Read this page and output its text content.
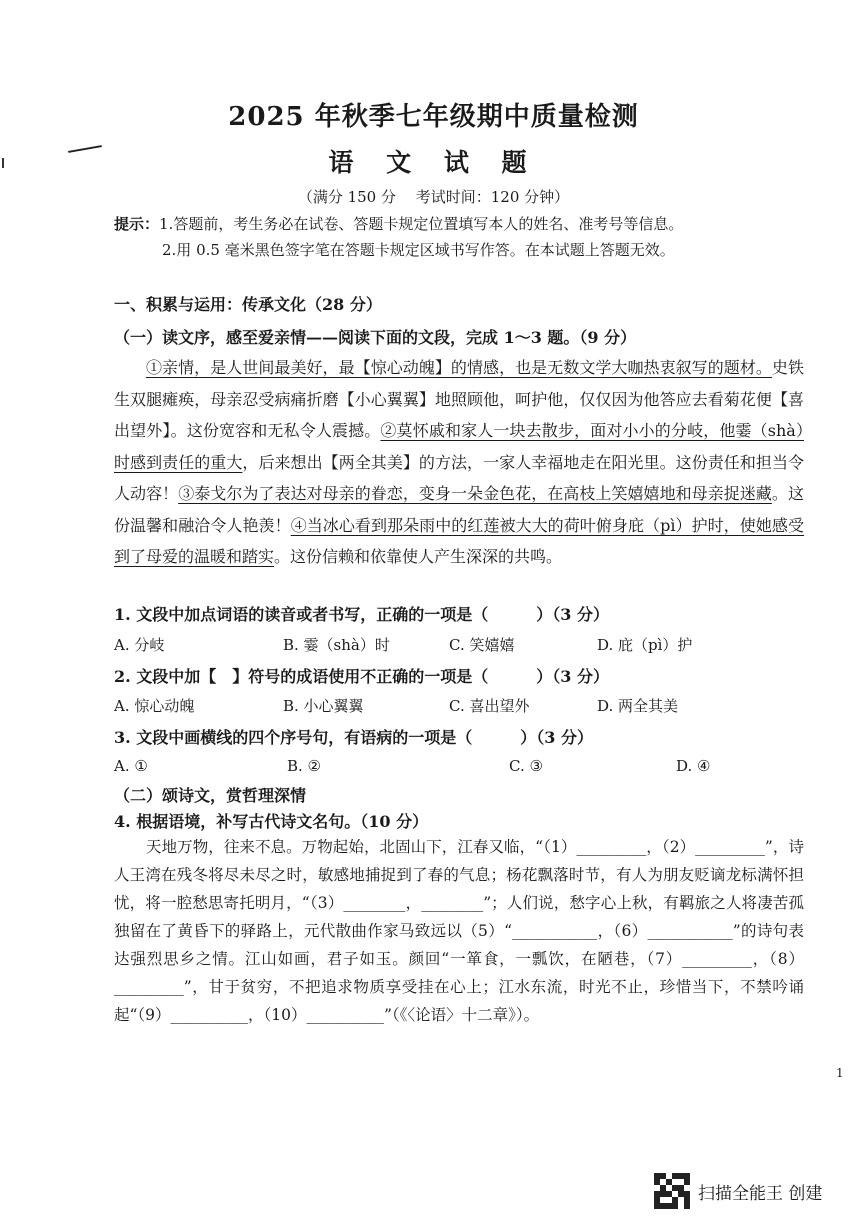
2025 年秋季七年级期中质量检测
语 文 试 题
（满分 150 分　 考试时间：120 分钟）
提示：1.答题前，考生务必在试卷、答题卡规定位置填写本人的姓名、准考号等信息。
2.用 0.5 毫米黑色签字笔在答题卡规定区域书写作答。在本试题上答题无效。
一、积累与运用：传承文化（28 分）
（一）读文序，感至爱亲情——阅读下面的文段，完成 1～3 题。（9 分）
①亲情，是人世间最美好，最【惊心动魄】的情感，也是无数文学大咖热衷叙写的题材。史铁生双腿瘫痪，母亲忍受病痛折磨【小心翼翼】地照顾他，呵护他，仅仅因为他答应去看菊花便【喜出望外】。这份宽容和无私令人震撼。②莫怀戚和家人一块去散步，面对小小的分岐，他霎（shà）时感到责任的重大，后来想出【两全其美】的方法，一家人幸福地走在阳光里。这份责任和担当令人动容！③泰戈尔为了表达对母亲的眷恋，变身一朵金色花，在高枝上笑嬉嬉地和母亲捉迷藏。这份温馨和融洽令人艳羡！④当冰心看到那朵雨中的红莲被大大的荷叶俯身庇（pì）护时，使她感受到了母爱的温暖和踏实。这份信赖和依靠使人产生深深的共鸣。
1. 文段中加点词语的读音或者书写，正确的一项是（　　　）（3 分）
A. 分岐	B. 霎（shà）时	C. 笑嬉嬉	D. 庇（pì）护
2. 文段中加【　】符号的成语使用不正确的一项是（　　　）（3 分）
A. 惊心动魄	B. 小心翼翼	C. 喜出望外	D. 两全其美
3. 文段中画横线的四个序号句，有语病的一项是（　　　）（3 分）
A. ①	B. ②	C. ③	D. ④
（二）颂诗文，赏哲理深情
4. 根据语境，补写古代诗文名句。（10 分）
天地万物，往来不息。万物起始，北固山下，江春又临，“（1）_________，（2）_________”，诗人王湾在残冬将尽未尽之时，敏感地捕捉到了春的气息；杨花飘落时节，有人为朋友贬谪龙标满怀担忧，将一腔愁思寄托明月，“（3）________，________”；人们说，愁字心上秋，有羁旅之人将凄苦孤独留在了黄昏下的驿路上，元代散曲作家马致远以（5）“___________，（6）___________”的诗句表达强烈思乡之情。江山如画，君子如玉。颜回“一箪食，一瓢饮，在陋巷，（7）_________，（8）_________”，甘于贫穷，不把追求物质享受挂在心上；江水东流，时光不止，珍惜当下，不禁吟诵起“（9）__________，（10）__________”（《〈论语〉十二章》）。
1
扫描全能王 创建
